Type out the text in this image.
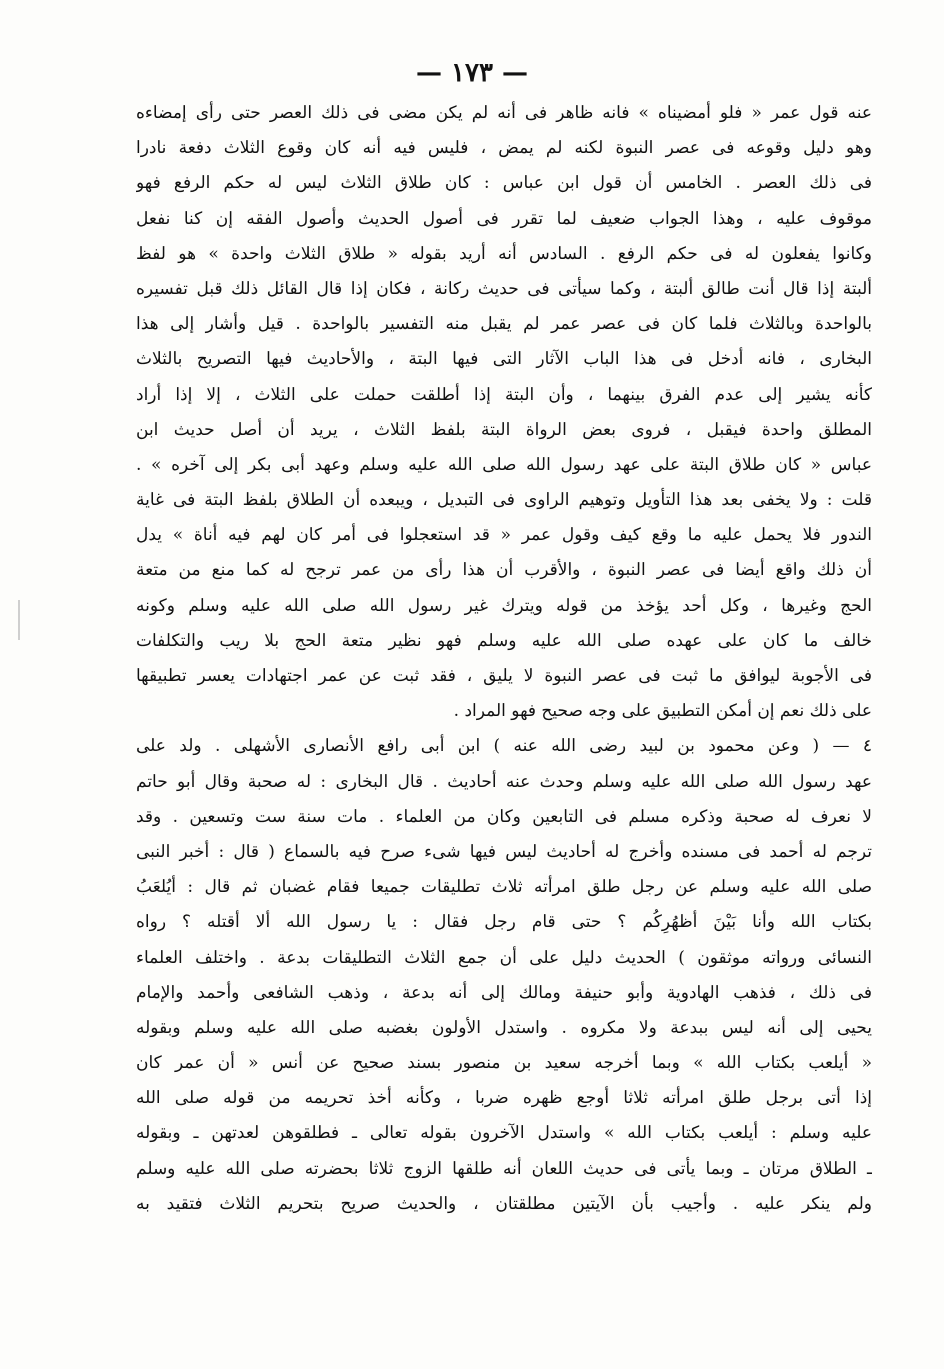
— ١٧٣ —
عنه قول عمر « فلو أمضيناه » فانه ظاهر فى أنه لم يكن مضى فى ذلك العصر حتى رأى إمضاءه
وهو دليل وقوعه فى عصر النبوة لكنه لم يمض ، فليس فيه أنه كان وقوع الثلاث دفعة نادرا
فى ذلك العصر . الخامس أن قول ابن عباس : كان طلاق الثلاث ليس له حكم الرفع فهو
موقوف عليه ، وهذا الجواب ضعيف لما تقرر فى أصول الحديث وأصول الفقه إن كنا نفعل
وكانوا يفعلون له فى حكم الرفع . السادس أنه أريد بقوله « طلاق الثلاث واحدة » هو لفظ
ألبتة إذا قال أنت طالق ألبتة ، وكما سيأتى فى حديث ركانة ، فكان إذا قال القائل ذلك قبل تفسيره
بالواحدة وبالثلاث فلما كان فى عصر عمر لم يقبل منه التفسير بالواحدة . قيل وأشار إلى هذا
البخارى ، فانه أدخل فى هذا الباب الآثار التى فيها البتة ، والأحاديث فيها التصريح بالثلاث
كأنه يشير إلى عدم الفرق بينهما ، وأن البتة إذا أطلقت حملت على الثلاث ، إلا إذا أراد
المطلق واحدة فيقبل ، فروى بعض الرواة البتة بلفظ الثلاث ، يريد أن أصل حديث ابن
عباس « كان طلاق البتة على عهد رسول الله صلى الله عليه وسلم وعهد أبى بكر إلى آخره » .
قلت : ولا يخفى بعد هذا التأويل وتوهيم الراوى فى التبديل ، ويبعده أن الطلاق بلفظ البتة فى غاية
الندور فلا يحمل عليه ما وقع كيف وقول عمر « قد استعجلوا فى أمر كان لهم فيه أناة » يدل
أن ذلك واقع أيضا فى عصر النبوة ، والأقرب أن هذا رأى من عمر ترجح له كما منع من متعة
الحج وغيرها ، وكل أحد يؤخذ من قوله ويترك غير رسول الله صلى الله عليه وسلم وكونه
خالف ما كان على عهده صلى الله عليه وسلم فهو نظير متعة الحج بلا ريب والتكلفات
فى الأجوبة ليوافق ما ثبت فى عصر النبوة لا يليق ، فقد ثبت عن عمر اجتهادات يعسر تطبيقها
على ذلك نعم إن أمكن التطبيق على وجه صحيح فهو المراد .
٤ — ( وعن محمود بن لبيد رضى الله عنه ) ابن أبى رافع الأنصارى الأشهلى . ولد على
عهد رسول الله صلى الله عليه وسلم وحدث عنه أحاديث . قال البخارى : له صحبة وقال أبو حاتم
لا نعرف له صحبة وذكره مسلم فى التابعين وكان من العلماء . مات سنة ست وتسعين . وقد
ترجم له أحمد فى مسنده وأخرج له أحاديث ليس فيها شىء صرح فيه بالسماع ( قال : أخبر النبى
صلى الله عليه وسلم عن رجل طلق امرأته ثلاث تطليقات جميعا فقام غضبان ثم قال : أيُلعَبُ
بكتاب الله وأنا بَيْنَ أظهُرِكُم ؟ حتى قام رجل فقال : يا رسول الله ألا أقتله ؟ رواه
النسائى ورواته موثقون ) الحديث دليل على أن جمع الثلاث التطليقات بدعة . واختلف العلماء
فى ذلك ، فذهب الهادوية وأبو حنيفة ومالك إلى أنه بدعة ، وذهب الشافعى وأحمد والإمام
يحيى إلى أنه ليس ببدعة ولا مكروه . واستدل الأولون بغضبه صلى الله عليه وسلم وبقوله
« أيلعب بكتاب الله » وبما أخرجه سعيد بن منصور بسند صحيح عن أنس « أن عمر كان
إذا أتى برجل طلق امرأته ثلاثا أوجع ظهره ضربا ، وكأنه أخذ تحريمه من قوله صلى الله
عليه وسلم : أيلعب بكتاب الله » واستدل الآخرون بقوله تعالى ـ فطلقوهن لعدتهن ـ وبقوله
ـ الطلاق مرتان ـ وبما يأتى فى حديث اللعان أنه طلقها الزوج ثلاثا بحضرته صلى الله عليه وسلم
ولم ينكر عليه . وأجيب بأن الآيتين مطلقتان ، والحديث صريح بتحريم الثلاث فتقيد به
